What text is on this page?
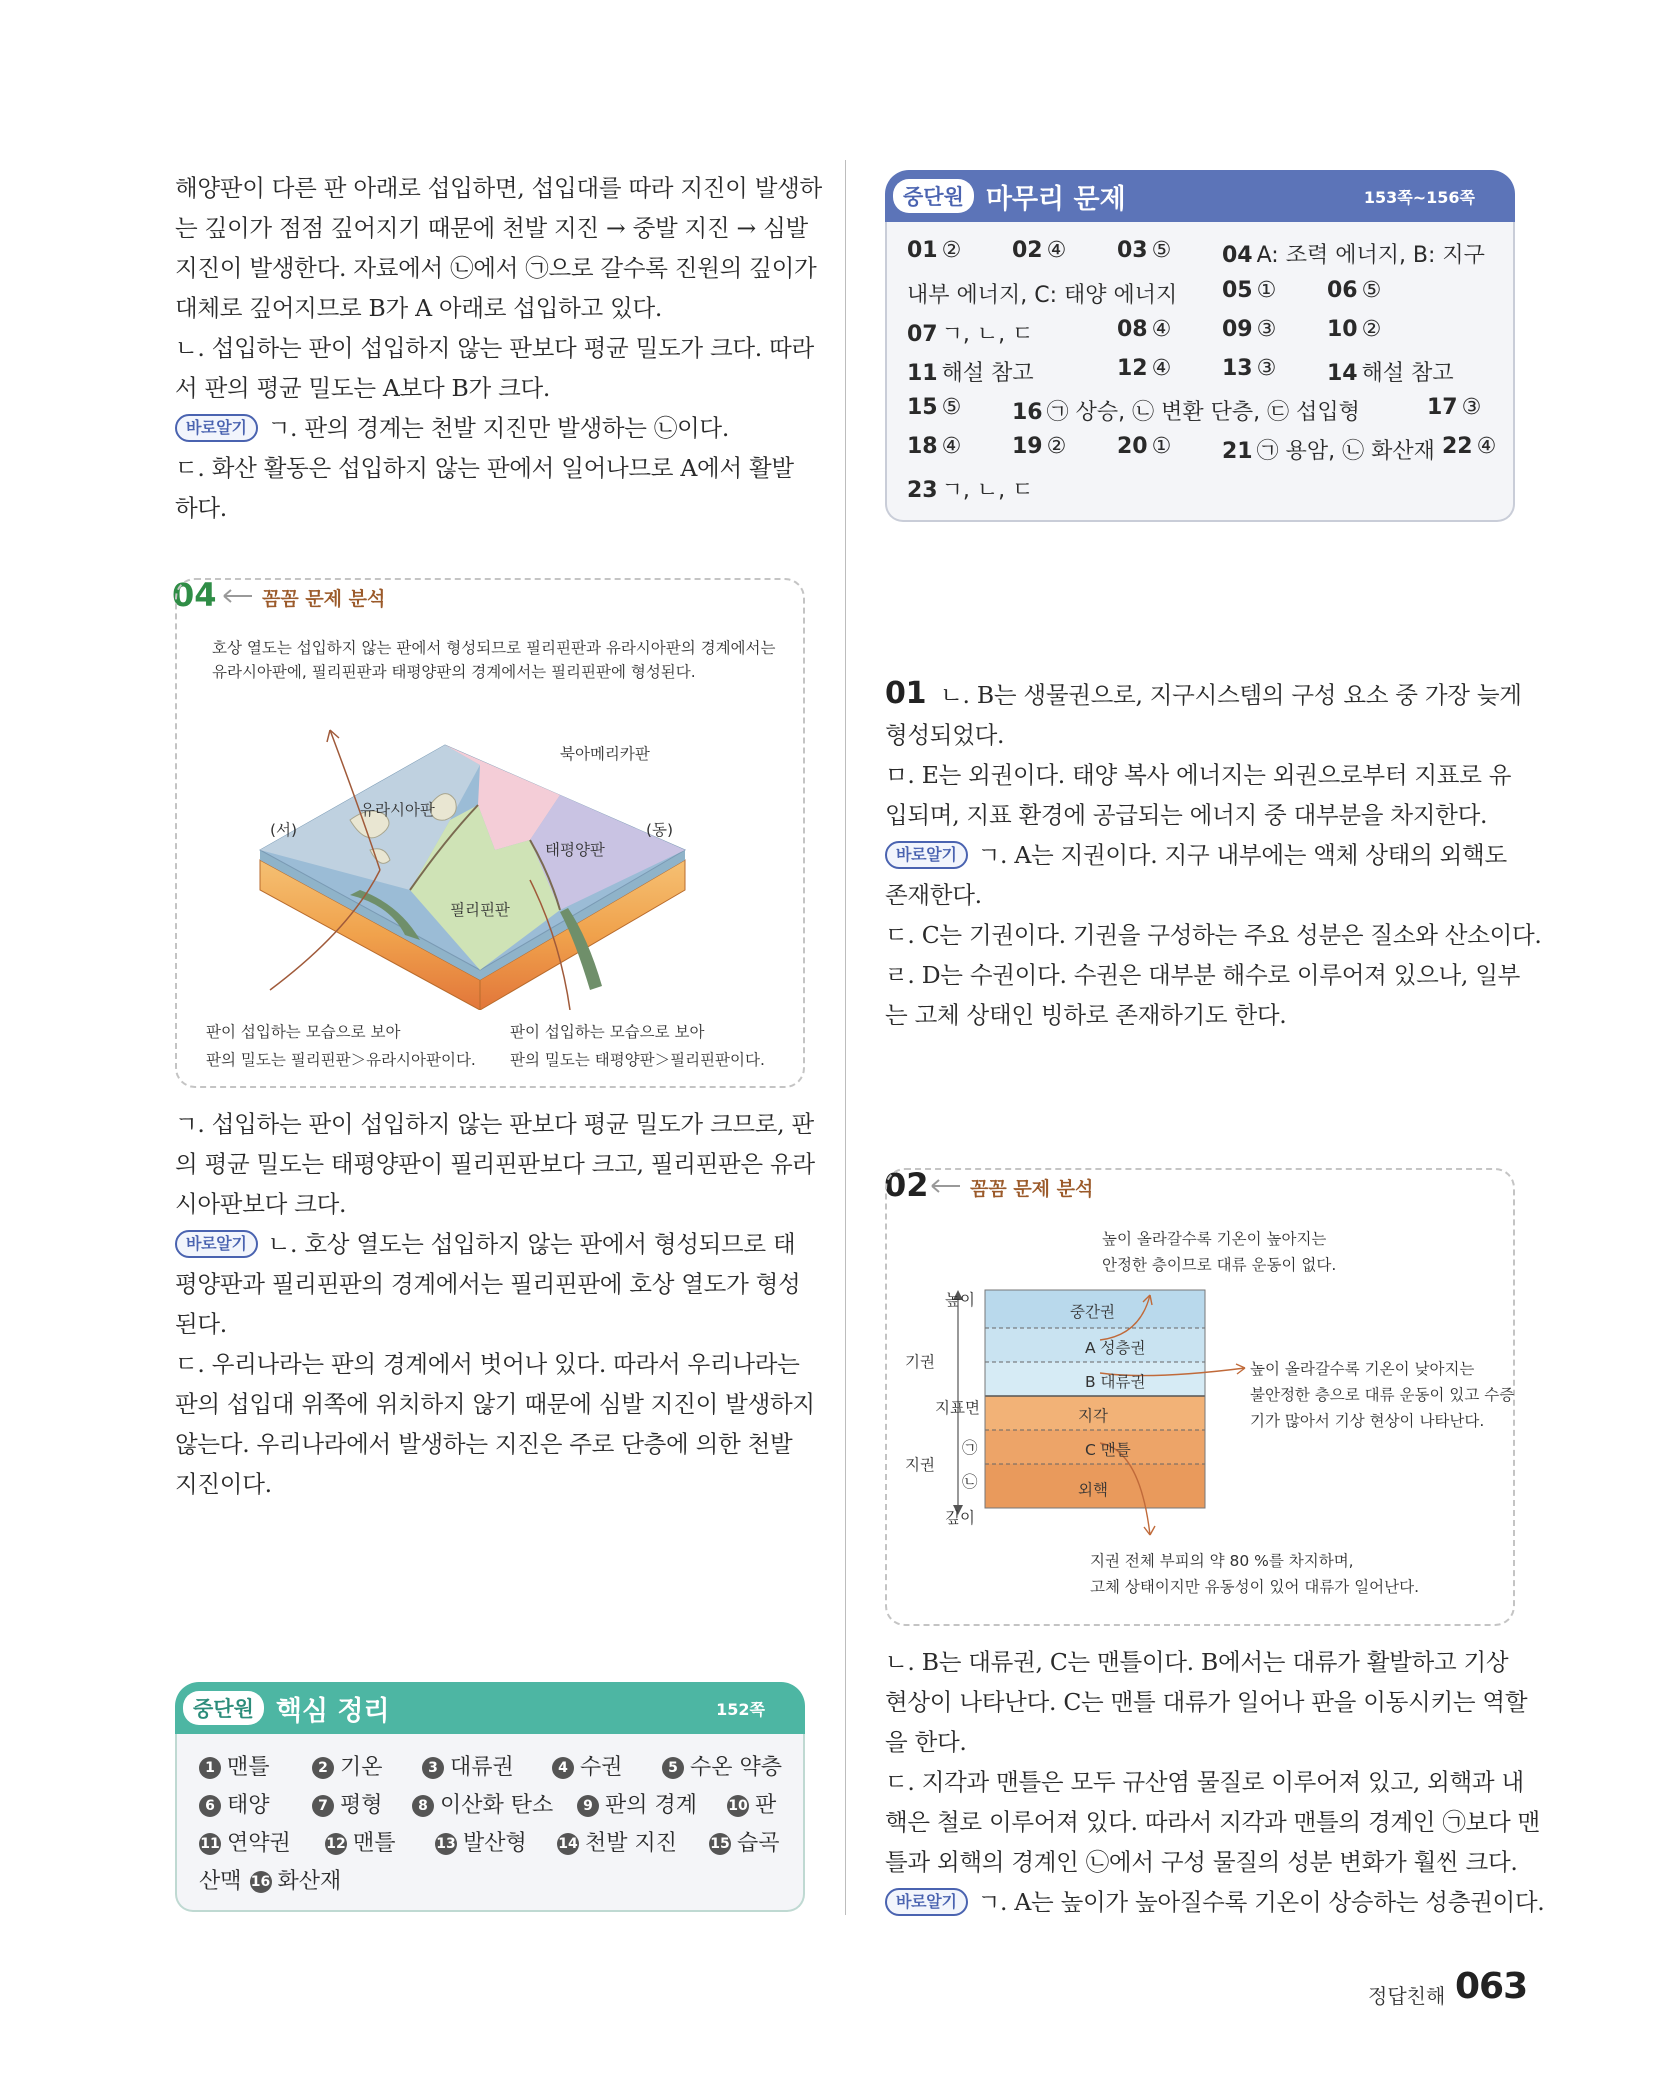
해양판이 다른 판 아래로 섭입하면, 섭입대를 따라 지진이 발생하
는 깊이가 점점 깊어지기 때문에 천발 지진 → 중발 지진 → 심발
지진이 발생한다. 자료에서 ㉡에서 ㉠으로 갈수록 진원의 깊이가
대체로 깊어지므로 B가 A 아래로 섭입하고 있다.
ㄴ. 섭입하는 판이 섭입하지 않는 판보다 평균 밀도가 크다. 따라
서 판의 평균 밀도는 A보다 B가 크다.
바로알기 ㄱ. 판의 경계는 천발 지진만 발생하는 ㉡이다.
ㄷ. 화산 활동은 섭입하지 않는 판에서 일어나므로 A에서 활발
하다.
04	꼼꼼 문제 분석
호상 열도는 섭입하지 않는 판에서 형성되므로 필리핀판과 유라시아판의 경계에서는
유라시아판에, 필리핀판과 태평양판의 경계에서는 필리핀판에 형성된다.
북아메리카판
유라시아판
(서)	(동)
태평양판
필리핀판
판이 섭입하는 모습으로 보아
판의 밀도는 필리핀판＞유라시아판이다.
판이 섭입하는 모습으로 보아
판의 밀도는 태평양판＞필리핀판이다.
ㄱ. 섭입하는 판이 섭입하지 않는 판보다 평균 밀도가 크므로, 판
의 평균 밀도는 태평양판이 필리핀판보다 크고, 필리핀판은 유라
시아판보다 크다.
바로알기 ㄴ. 호상 열도는 섭입하지 않는 판에서 형성되므로 태
평양판과 필리핀판의 경계에서는 필리핀판에 호상 열도가 형성
된다.
ㄷ. 우리나라는 판의 경계에서 벗어나 있다. 따라서 우리나라는
판의 섭입대 위쪽에 위치하지 않기 때문에 심발 지진이 발생하지
않는다. 우리나라에서 발생하는 지진은 주로 단층에 의한 천발
지진이다.
중단원 핵심 정리	152쪽
1 맨틀	2 기온	3 대류권	4 수권	5 수온 약층
6 태양	7 평형	8 이산화 탄소	9 판의 경계 10 판
11 연약권	12 맨틀	13 발산형 14 천발 지진 15 습곡
산맥 16 화산재
중단원 마무리 문제	153쪽~156쪽
01 ② 02 ④ 03 ⑤ 04 A: 조력 에너지, B: 지구
내부 에너지, C: 태양 에너지 05 ① 06 ⑤
07 ㄱ, ㄴ, ㄷ	08 ④ 09 ③ 10 ②
11 해설 참고	12 ④ 13 ③ 14 해설 참고
15 ⑤ 16 ㉠ 상승, ㉡ 변환 단층, ㉢ 섭입형	17 ③
18 ④ 19 ② 20 ① 21 ㉠ 용암, ㉡ 화산재 22 ④
23 ㄱ, ㄴ, ㄷ
01 ㄴ. B는 생물권으로, 지구시스템의 구성 요소 중 가장 늦게
형성되었다.
ㅁ. E는 외권이다. 태양 복사 에너지는 외권으로부터 지표로 유
입되며, 지표 환경에 공급되는 에너지 중 대부분을 차지한다.
바로알기 ㄱ. A는 지권이다. 지구 내부에는 액체 상태의 외핵도
존재한다.
ㄷ. C는 기권이다. 기권을 구성하는 주요 성분은 질소와 산소이다.
ㄹ. D는 수권이다. 수권은 대부분 해수로 이루어져 있으나, 일부
는 고체 상태인 빙하로 존재하기도 한다.
02	꼼꼼 문제 분석
높이 올라갈수록 기온이 높아지는
안정한 층이므로 대류 운동이 없다.
높이
기권
지표면
지권
㉠
㉡
깊이
중간권
A 성층권
B 대류권
지각
C 맨틀
외핵
높이 올라갈수록 기온이 낮아지는
불안정한 층으로 대류 운동이 있고 수증
기가 많아서 기상 현상이 나타난다.
지권 전체 부피의 약 80 %를 차지하며,
고체 상태이지만 유동성이 있어 대류가 일어난다.
ㄴ. B는 대류권, C는 맨틀이다. B에서는 대류가 활발하고 기상
현상이 나타난다. C는 맨틀 대류가 일어나 판을 이동시키는 역할
을 한다.
ㄷ. 지각과 맨틀은 모두 규산염 물질로 이루어져 있고, 외핵과 내
핵은 철로 이루어져 있다. 따라서 지각과 맨틀의 경계인 ㉠보다 맨
틀과 외핵의 경계인 ㉡에서 구성 물질의 성분 변화가 훨씬 크다.
바로알기 ㄱ. A는 높이가 높아질수록 기온이 상승하는 성층권이다.
정답친해 063
